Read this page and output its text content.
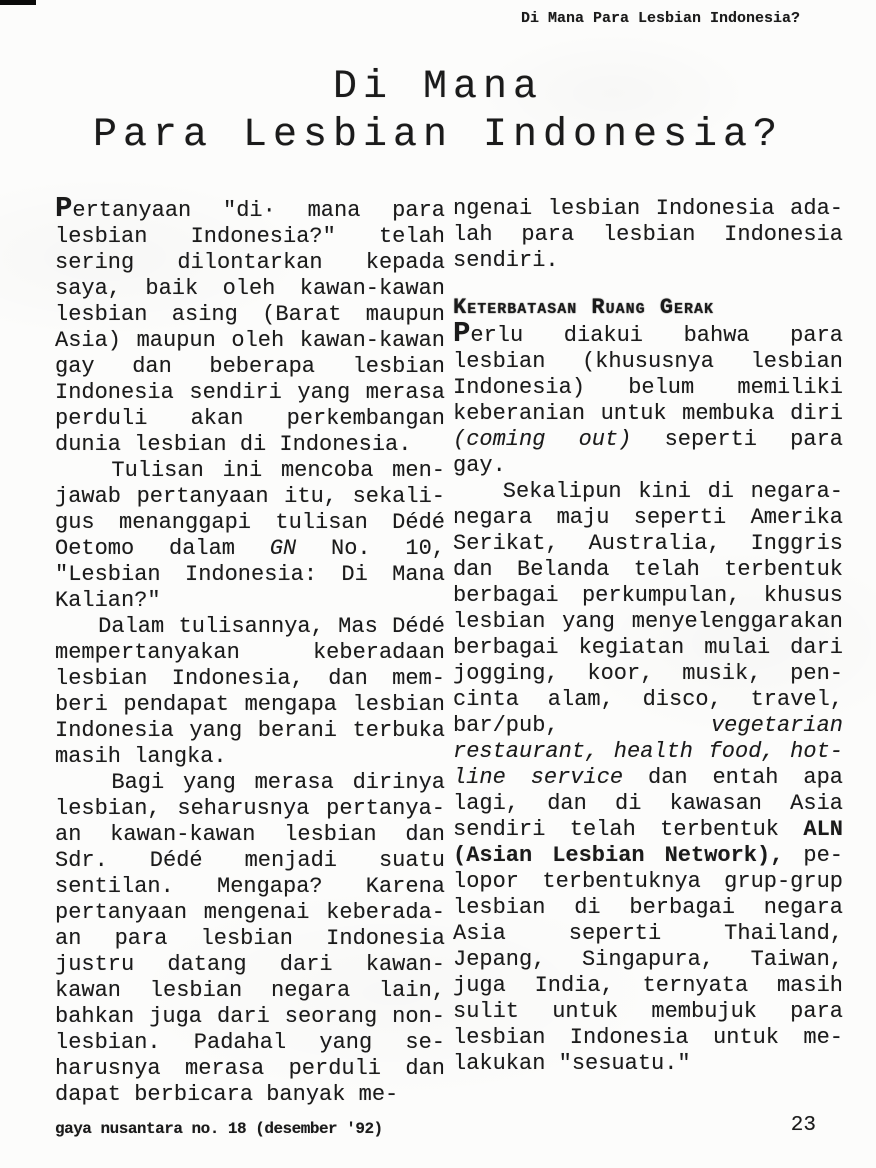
Di Mana Para Lesbian Indonesia?
Di Mana
Para Lesbian Indonesia?
Pertanyaan "di· mana para
lesbian Indonesia?" telah
sering dilontarkan kepada
saya, baik oleh kawan-kawan
lesbian asing (Barat maupun
Asia) maupun oleh kawan-kawan
gay dan beberapa lesbian
Indonesia sendiri yang merasa
perduli akan perkembangan
dunia lesbian di Indonesia.
Tulisan ini mencoba men-
jawab pertanyaan itu, sekali-
gus menanggapi tulisan Dédé
Oetomo dalam GN No. 10,
"Lesbian Indonesia: Di Mana
Kalian?"
Dalam tulisannya, Mas Dédé
mempertanyakan keberadaan
lesbian Indonesia, dan mem-
beri pendapat mengapa lesbian
Indonesia yang berani terbuka
masih langka.
Bagi yang merasa dirinya
lesbian, seharusnya pertanya-
an kawan-kawan lesbian dan
Sdr. Dédé menjadi suatu
sentilan. Mengapa? Karena
pertanyaan mengenai keberada-
an para lesbian Indonesia
justru datang dari kawan-
kawan lesbian negara lain,
bahkan juga dari seorang non-
lesbian. Padahal yang se-
harusnya merasa perduli dan
dapat berbicara banyak me-
ngenai lesbian Indonesia ada-
lah para lesbian Indonesia
sendiri.
Keterbatasan Ruang Gerak
Perlu diakui bahwa para
lesbian (khususnya lesbian
Indonesia) belum memiliki
keberanian untuk membuka diri
(coming out) seperti para
gay.
Sekalipun kini di negara-
negara maju seperti Amerika
Serikat, Australia, Inggris
dan Belanda telah terbentuk
berbagai perkumpulan, khusus
lesbian yang menyelenggarakan
berbagai kegiatan mulai dari
jogging, koor, musik, pen-
cinta alam, disco, travel,
bar/pub, vegetarian
restaurant, health food, hot-
line service dan entah apa
lagi, dan di kawasan Asia
sendiri telah terbentuk ALN
(Asian Lesbian Network), pe-
lopor terbentuknya grup-grup
lesbian di berbagai negara
Asia seperti Thailand,
Jepang, Singapura, Taiwan,
juga India, ternyata masih
sulit untuk membujuk para
lesbian Indonesia untuk me-
lakukan "sesuatu."
gaya nusantara no. 18 (desember '92)	23
